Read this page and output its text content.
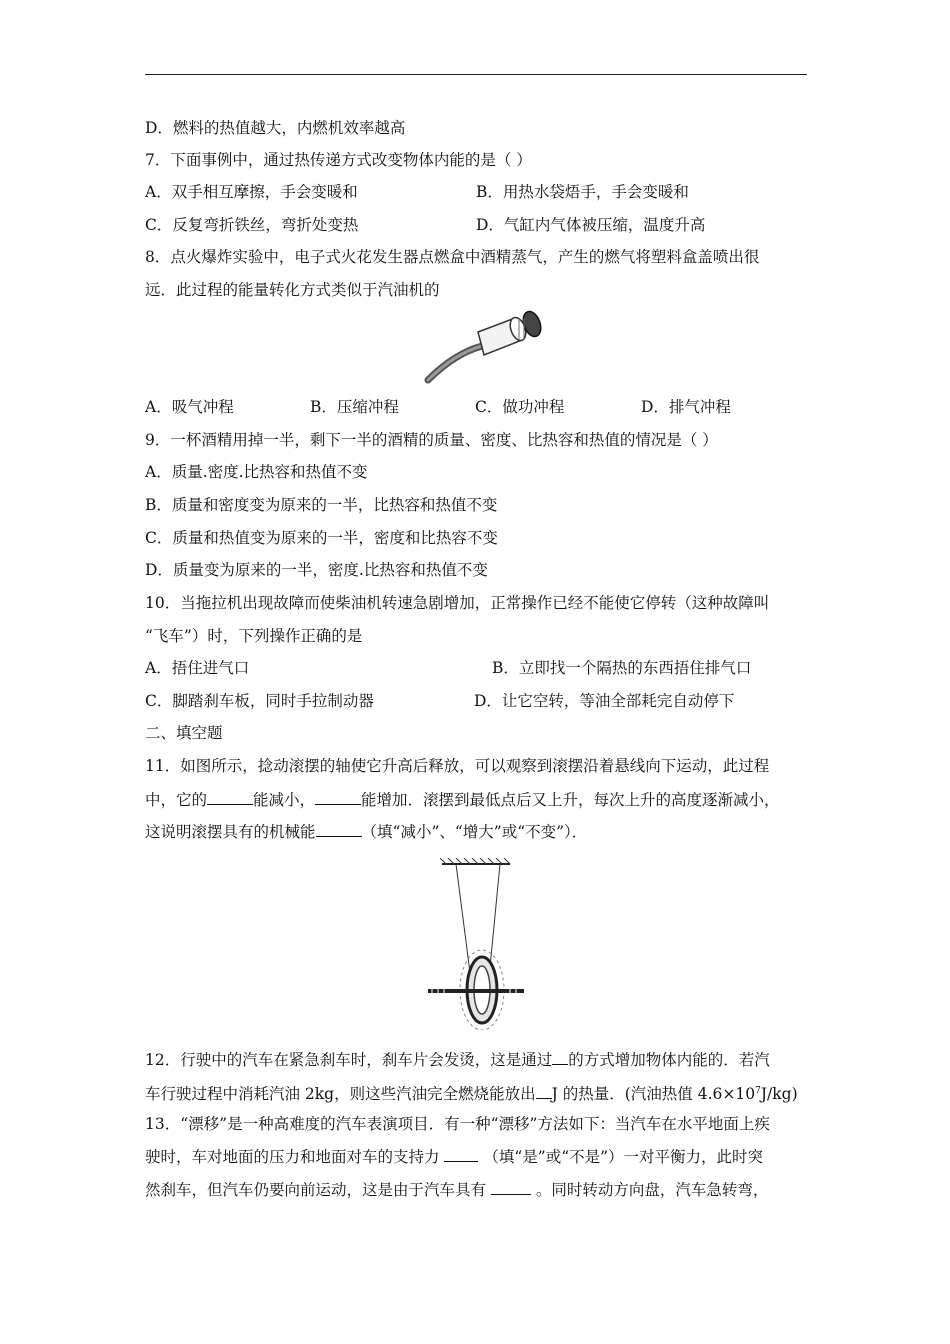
D．燃料的热值越大，内燃机效率越高
7．下面事例中，通过热传递方式改变物体内能的是（ ）
A．双手相互摩擦，手会变暖和	B．用热水袋焐手，手会变暖和
C．反复弯折铁丝，弯折处变热	D．气缸内气体被压缩，温度升高
8．点火爆炸实验中，电子式火花发生器点燃盒中酒精蒸气，产生的燃气将塑料盒盖喷出很
远．此过程的能量转化方式类似于汽油机的
A．吸气冲程	B．压缩冲程	C．做功冲程	D．排气冲程
9．一杯酒精用掉一半，剩下一半的酒精的质量、密度、比热容和热值的情况是（ ）
A．质量.密度.比热容和热值不变
B．质量和密度变为原来的一半，比热容和热值不变
C．质量和热值变为原来的一半，密度和比热容不变
D．质量变为原来的一半，密度.比热容和热值不变
10．当拖拉机出现故障而使柴油机转速急剧增加，正常操作已经不能使它停转（这种故障叫
“飞车”）时，下列操作正确的是
A．捂住进气口	B．立即找一个隔热的东西捂住排气口
C．脚踏刹车板，同时手拉制动器	D．让它空转，等油全部耗完自动停下
二、填空题
11．如图所示，捻动滚摆的轴使它升高后释放，可以观察到滚摆沿着悬线向下运动，此过程
中，它的	能减小，	能增加．滚摆到最低点后又上升，每次上升的高度逐渐减小，
这说明滚摆具有的机械能	（填“减小”、“增大”或“不变”）．
12．行驶中的汽车在紧急刹车时，刹车片会发烫，这是通过 的方式增加物体内能的．若汽
车行驶过程中消耗汽油 2kg，则这些汽油完全燃烧能放出 J 的热量．(汽油热值 $4.6\times 10^7J/kg$)
13．“漂移”是一种高难度的汽车表演项目．有一种“漂移”方法如下：当汽车在水平地面上疾
驶时，车对地面的压力和地面对车的支持力  （填“是”或“不是”）一对平衡力，此时突
然刹车，但汽车仍要向前运动，这是由于汽车具有	。同时转动方向盘，汽车急转弯，
